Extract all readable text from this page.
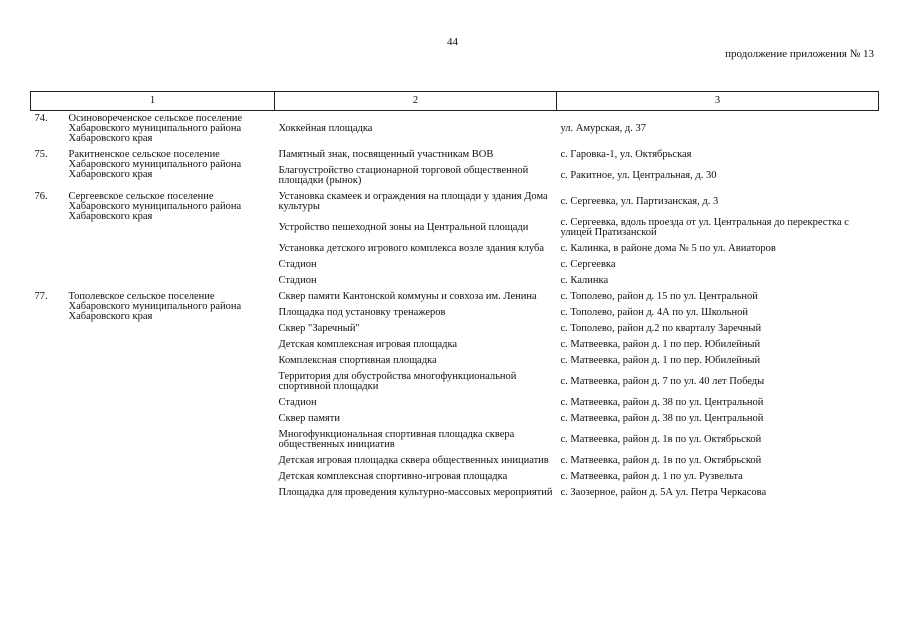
44
продолжение приложения № 13
1	2	3
74. Осиновореченское сельское поселение Хабаровского муниципального района Хабаровского края	Хоккейная площадка	ул. Амурская, д. 37
75. Ракитненское сельское поселение Хабаровского муниципального района Хабаровского края	Памятный знак, посвященный участникам ВОВ	с. Гаровка-1, ул. Октябрьская
	Благоустройство стационарной торговой общественной площадки (рынок)	с. Ракитное, ул. Центральная, д. 30
76. Сергеевское сельское поселение Хабаровского муниципального района Хабаровского края	Установка скамеек и ограждения на площади у здания Дома культуры	с. Сергеевка, ул. Партизанская, д. 3
	Устройство пешеходной зоны на Центральной площади	с. Сергеевка, вдоль проезда от ул. Центральная до перекрестка с улицей Пратизанской
	Установка детского игрового комплекса возле здания клуба	с. Калинка, в районе дома № 5 по ул. Авиаторов
	Стадион	с. Сергеевка
	Стадион	с. Калинка
77. Тополевское сельское поселение Хабаровского муниципального района Хабаровского края	Сквер памяти Кантонской коммуны и совхоза им. Ленина	с. Тополево, район д. 15 по ул. Центральной
	Площадка под установку тренажеров	с. Тополево, район д. 4А по ул. Школьной
	Сквер "Заречный"	с. Тополево, район д.2 по кварталу Заречный
	Детская комплексная игровая площадка	с. Матвеевка, район д. 1 по пер. Юбилейный
	Комплексная спортивная площадка	с. Матвеевка, район д. 1 по пер. Юбилейный
	Территория для обустройства многофункциональной спортивной площадки	с. Матвеевка, район д. 7 по ул. 40 лет Победы
	Стадион	с. Матвеевка, район д. 38 по ул. Центральной
	Сквер памяти	с. Матвеевка, район д. 38 по ул. Центральной
	Многофункциональная спортивная площадка сквера общественных инициатив	с. Матвеевка, район д. 1в по ул. Октябрьской
	Детская игровая площадка сквера общественных инициатив	с. Матвеевка, район д. 1в по ул. Октябрьской
	Детская комплексная спортивно-игровая площадка	с. Матвеевка, район д. 1 по ул. Рузвельта
	Площадка для проведения культурно-массовых мероприятий	с. Заозерное, район д. 5А ул. Петра Черкасова
